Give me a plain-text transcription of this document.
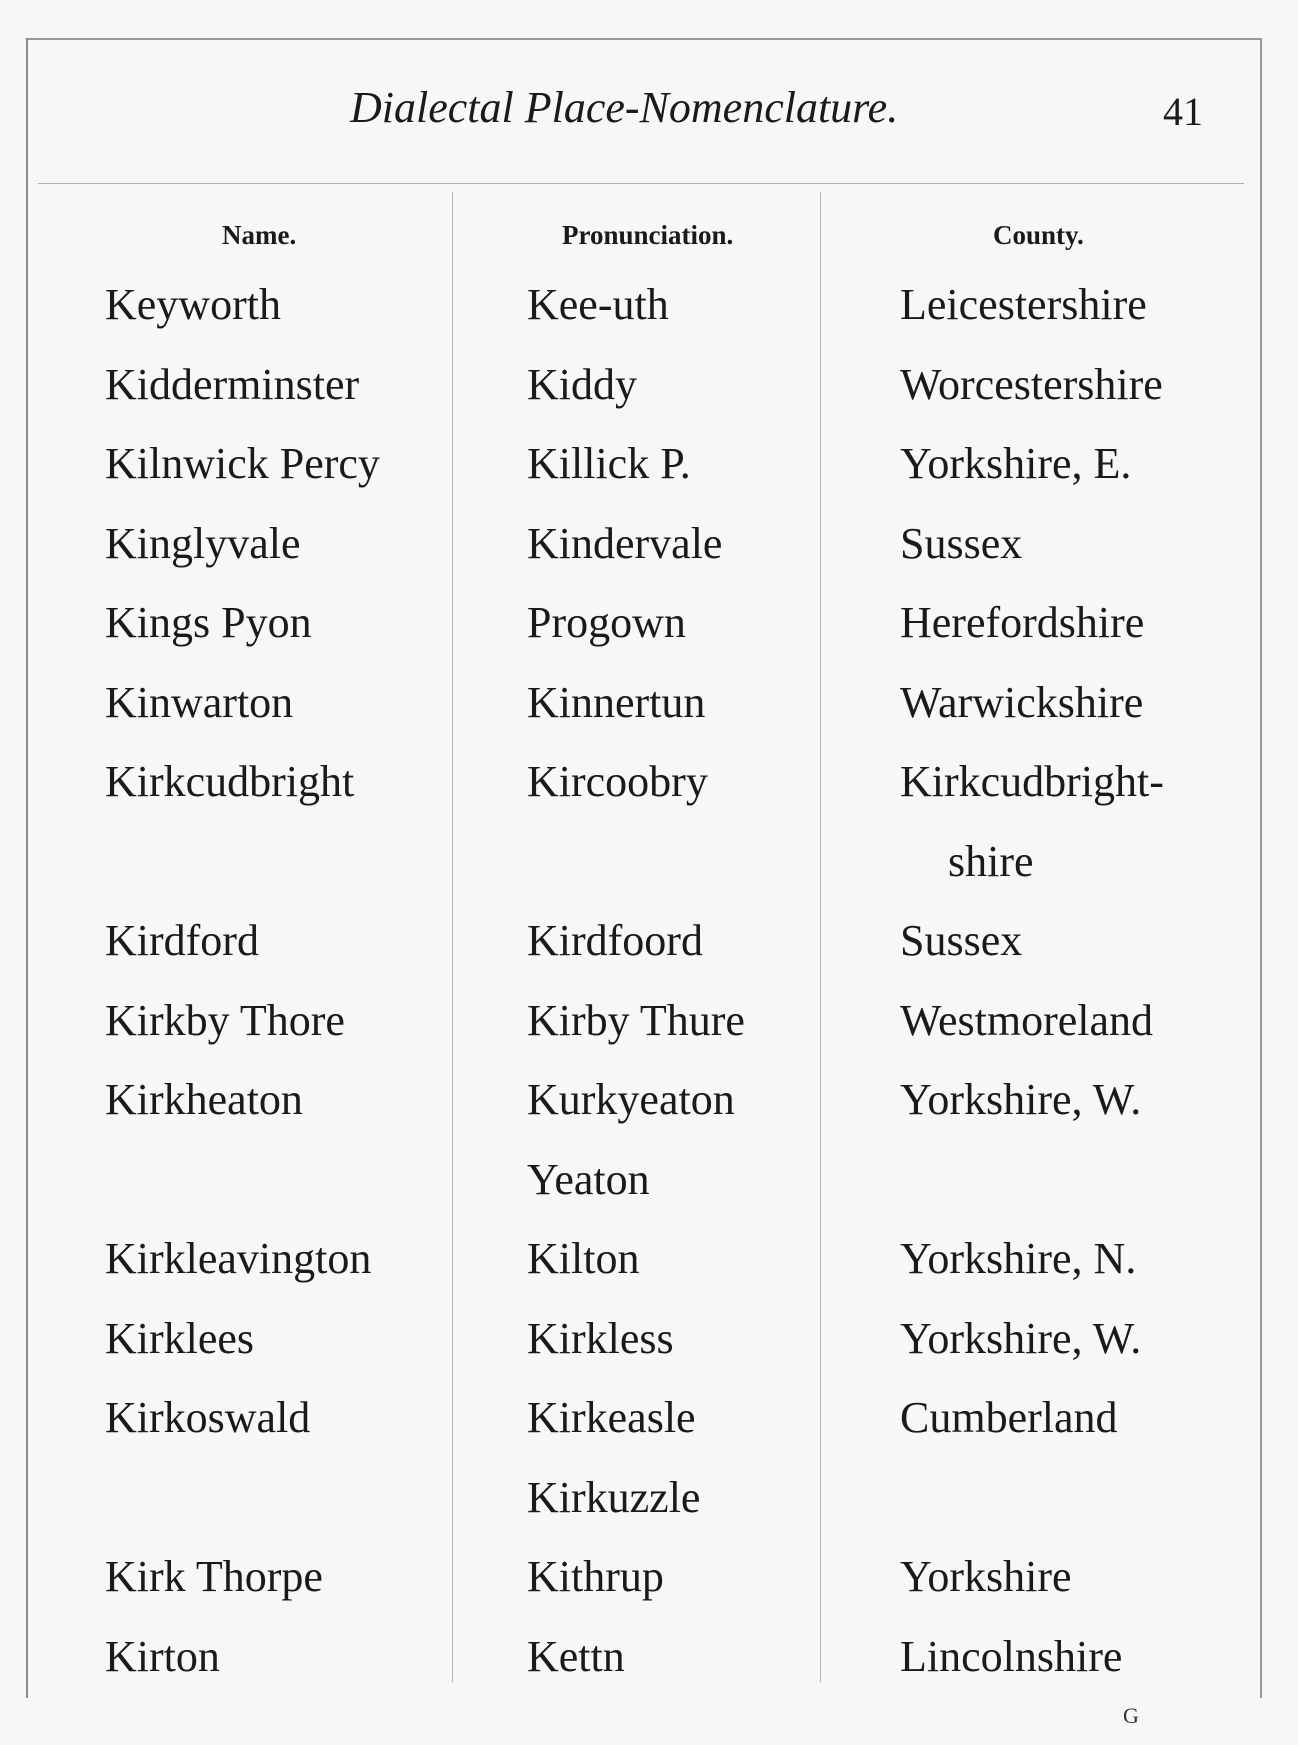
Dialectal Place-Nomenclature.	41
Name.	Pronunciation.	County.
Keyworth	Kee-uth	Leicestershire
Kidderminster	Kiddy	Worcestershire
Kilnwick Percy	Killick P.	Yorkshire, E.
Kinglyvale	Kindervale	Sussex
Kings Pyon	Progown	Herefordshire
Kinwarton	Kinnertun	Warwickshire
Kirkcudbright	Kircoobry	Kirkcudbright-
shire
Kirdford	Kirdfoord	Sussex
Kirkby Thore	Kirby Thure	Westmoreland
Kirkheaton	Kurkyeaton	Yorkshire, W.
Yeaton
Kirkleavington	Kilton	Yorkshire, N.
Kirklees	Kirkless	Yorkshire, W.
Kirkoswald	Kirkeasle	Cumberland
Kirkuzzle
Kirk Thorpe	Kithrup	Yorkshire
Kirton	Kettn	Lincolnshire
G
